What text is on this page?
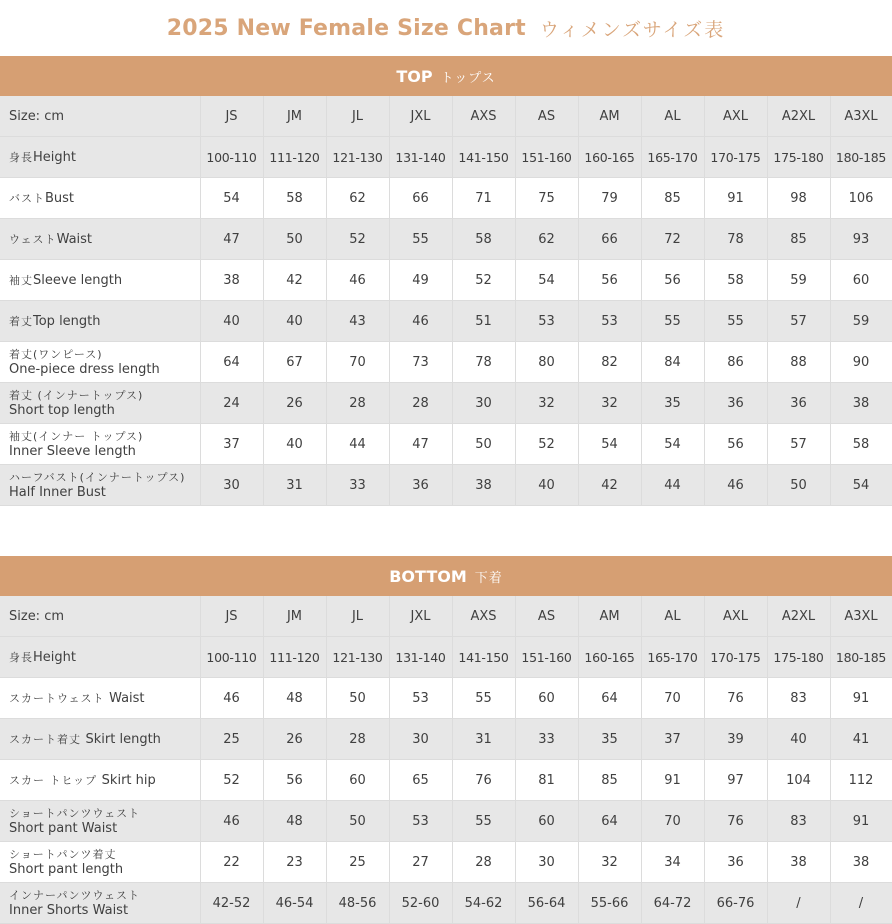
2025 New Female Size Chart ウィメンズサイズ表
TOP トップス
Size: cm	JS	JM	JL	JXL	AXS	AS	AM	AL	AXL	A2XL	A3XL
身長Height	100-110	111-120	121-130	131-140	141-150	151-160	160-165	165-170	170-175	175-180	180-185
バストBust	54	58	62	66	71	75	79	85	91	98	106
ウェストWaist	47	50	52	55	58	62	66	72	78	85	93
袖丈Sleeve length	38	42	46	49	52	54	56	56	58	59	60
着丈Top length	40	40	43	46	51	53	53	55	55	57	59

着丈(ワンピース)
One-piece dress length	64	67	70	73	78	80	82	84	86	88	90

着丈 (インナートップス)
Short top length	24	26	28	28	30	32	32	35	36	36	38

袖丈(インナー トップス)
Inner Sleeve length	37	40	44	47	50	52	54	54	56	57	58

ハーフバスト(インナートップス)
Half Inner Bust	30	31	33	36	38	40	42	44	46	50	54
BOTTOM 下着
Size: cm	JS	JM	JL	JXL	AXS	AS	AM	AL	AXL	A2XL	A3XL
身長Height	100-110	111-120	121-130	131-140	141-150	151-160	160-165	165-170	170-175	175-180	180-185
スカートウェスト Waist	46	48	50	53	55	60	64	70	76	83	91
スカート着丈 Skirt length	25	26	28	30	31	33	35	37	39	40	41
スカー トヒップ Skirt hip	52	56	60	65	76	81	85	91	97	104	112

ショートパンツウェスト
Short pant Waist	46	48	50	53	55	60	64	70	76	83	91

ショートパンツ着丈
Short pant length	22	23	25	27	28	30	32	34	36	38	38

インナーパンツウェスト
Inner Shorts Waist	42-52	46-54	48-56	52-60	54-62	56-64	55-66	64-72	66-76	/	/
